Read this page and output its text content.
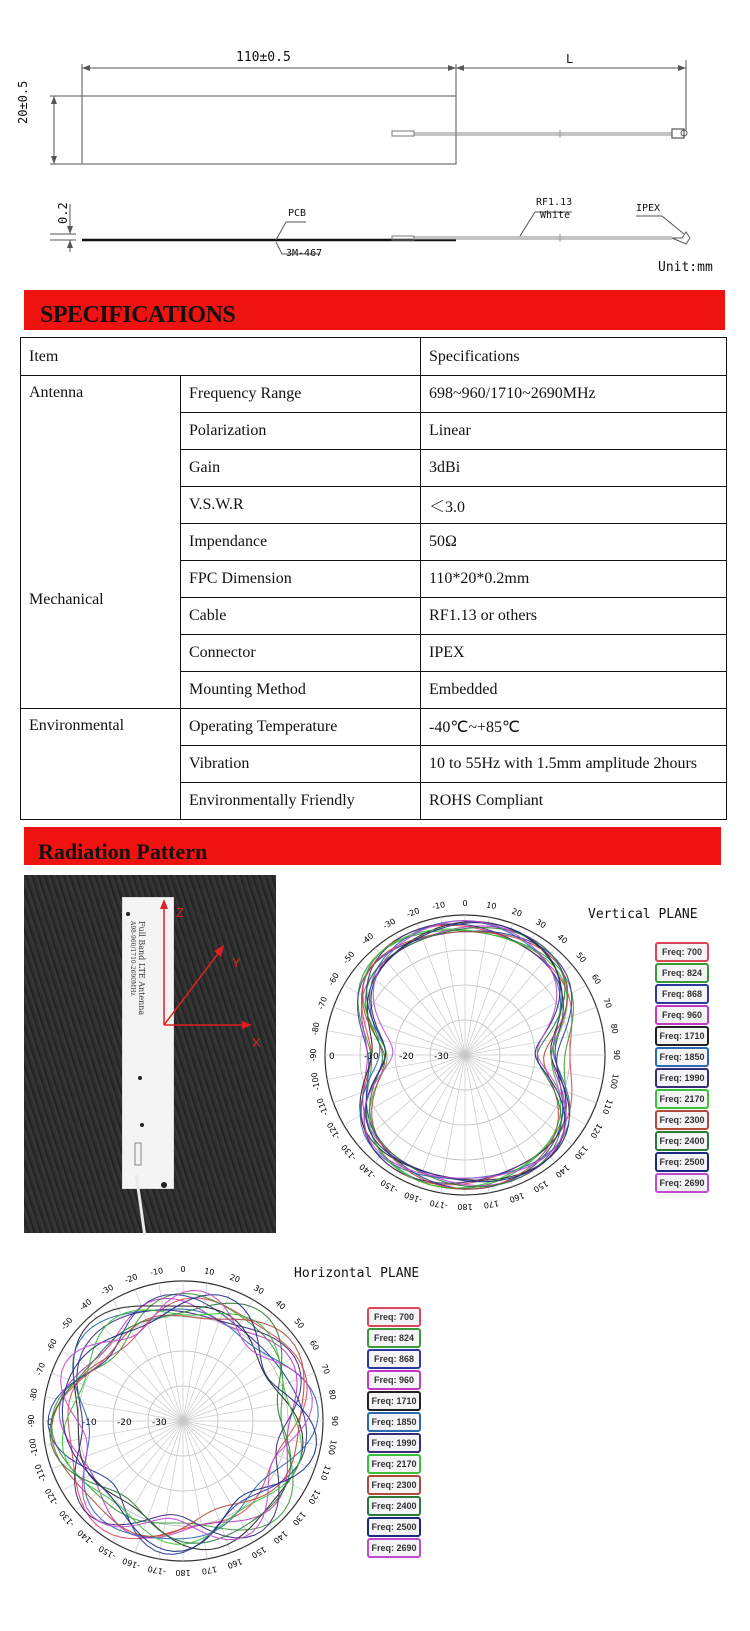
110±0.5	L
20±0.5
0.2	PCB
3M-467
RF1.13
White
IPEX
Unit:mm
SPECIFICATIONS
Item		Specifications
Antenna	Frequency Range	698~960/1710~2690MHz
	Polarization	Linear
	Gain	3dBi
	V.S.W.R	＜3.0
	Impendance	50Ω
Mechanical	FPC Dimension	110*20*0.2mm
	Cable	RF1.13 or others
	Connector	IPEX
	Mounting Method	Embedded
Environmental	Operating Temperature	-40℃~+85℃
	Vibration	10 to 55Hz with 1.5mm amplitude 2hours
	Environmentally Friendly	ROHS Compliant
Radiation Pattern
Full Band LTE Antenna
A98-960/1710-2690MHz
Z
Y
X
Vertical PLANE
0 10
20
30
40
50
60
70
80
90
100
110
120
130
140
150
160
170
180
-170
-160
-150
-140
-130
-120
-110
-100
-90
-80
-70
-60
-50
-40
-30
-20
-10
0	-10 -20 -30
Freq: 700
Freq: 824
Freq: 868
Freq: 960
Freq: 1710
Freq: 1850
Freq: 1990
Freq: 2170
Freq: 2300
Freq: 2400
Freq: 2500
Freq: 2690
Horizontal PLANE
0 10
20
30
40
50
60
70
80
90
100
110
120
130
140
150
160
170
180
-170
-160
-150
-140
-130
-120
-110
-100
-90
-80
-70
-60
-50
-40
-30
-20
-10
0	-10 -20 -30
Freq: 700
Freq: 824
Freq: 868
Freq: 960
Freq: 1710
Freq: 1850
Freq: 1990
Freq: 2170
Freq: 2300
Freq: 2400
Freq: 2500
Freq: 2690
